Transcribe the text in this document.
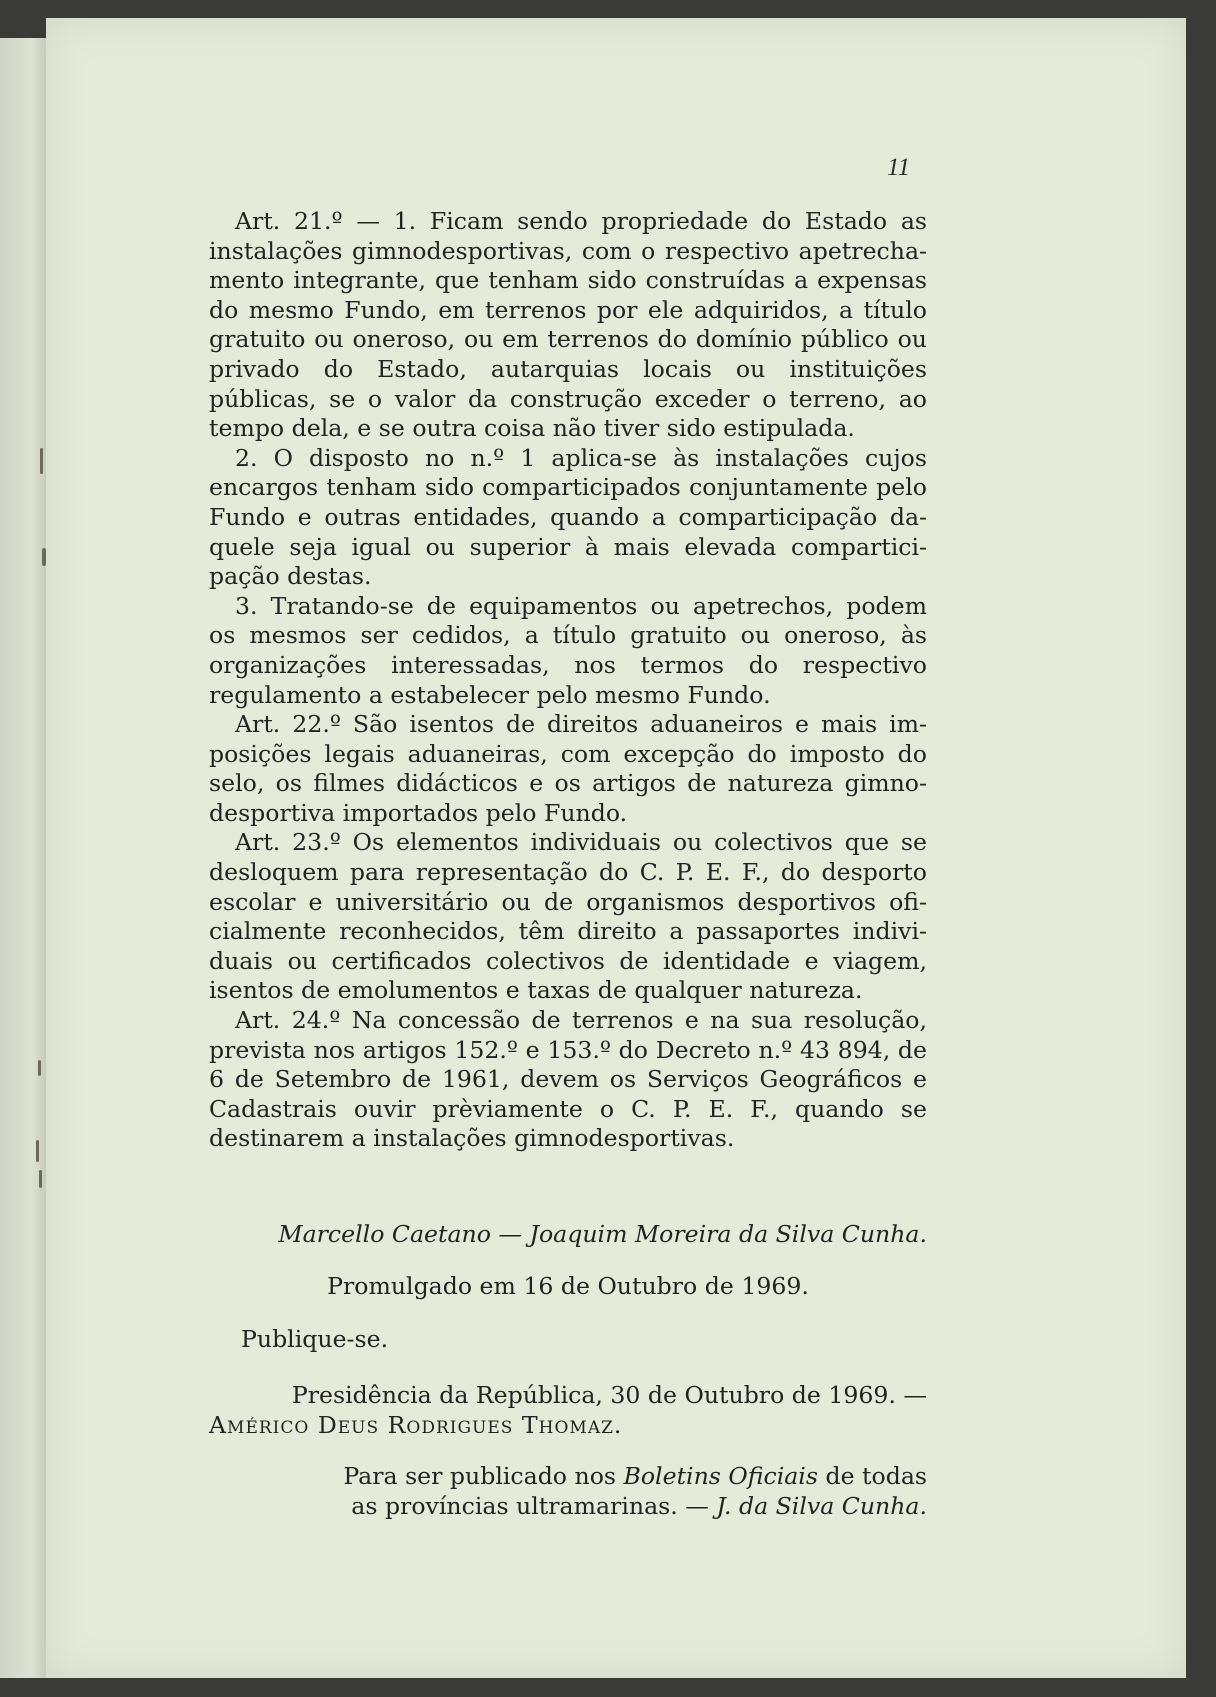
11

Art. 21.º — 1. Ficam sendo propriedade do Estado as instalações gimnodesportivas, com o respectivo apetrechamento integrante, que tenham sido construídas a expensas do mesmo Fundo, em terrenos por ele adquiridos, a título gratuito ou oneroso, ou em terrenos do domínio público ou privado do Estado, autarquias locais ou instituições públicas, se o valor da construção exceder o terreno, ao tempo dela, e se outra coisa não tiver sido estipulada.

2. O disposto no n.º 1 aplica-se às instalações cujos encargos tenham sido comparticipados conjuntamente pelo Fundo e outras entidades, quando a comparticipação daquele seja igual ou superior à mais elevada comparticipação destas.

3. Tratando-se de equipamentos ou apetrechos, podem os mesmos ser cedidos, a título gratuito ou oneroso, às organizações interessadas, nos termos do respectivo regulamento a estabelecer pelo mesmo Fundo.

Art. 22.º São isentos de direitos aduaneiros e mais imposições legais aduaneiras, com excepção do imposto do selo, os filmes didácticos e os artigos de natureza gimnodesportiva importados pelo Fundo.

Art. 23.º Os elementos individuais ou colectivos que se desloquem para representação do C. P. E. F., do desporto escolar e universitário ou de organismos desportivos oficialmente reconhecidos, têm direito a passaportes individuais ou certificados colectivos de identidade e viagem, isentos de emolumentos e taxas de qualquer natureza.

Art. 24.º Na concessão de terrenos e na sua resolução, prevista nos artigos 152.º e 153.º do Decreto n.º 43 894, de 6 de Setembro de 1961, devem os Serviços Geográficos e Cadastrais ouvir prèviamente o C. P. E. F., quando se destinarem a instalações gimnodesportivas.

Marcello Caetano — Joaquim Moreira da Silva Cunha.
Promulgado em 16 de Outubro de 1969.
Publique-se.
Presidência da República, 30 de Outubro de 1969. —
Américo Deus Rodrigues Thomaz.
Para ser publicado nos Boletins Oficiais de todas
as províncias ultramarinas. — J. da Silva Cunha.
